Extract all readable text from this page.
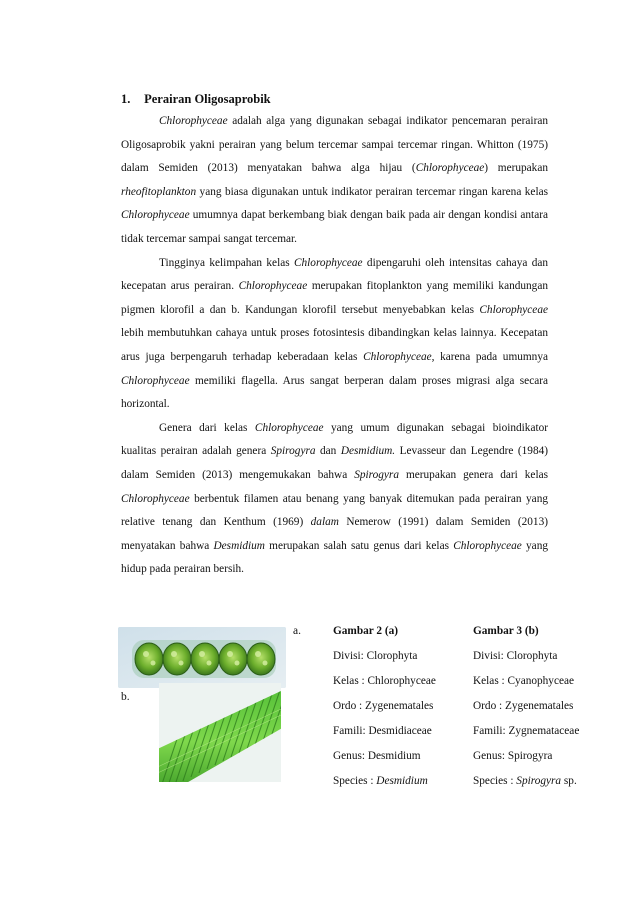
1. Perairan Oligosaprobik

Chlorophyceae adalah alga yang digunakan sebagai indikator pencemaran perairan Oligosaprobik yakni perairan yang belum tercemar sampai tercemar ringan. Whitton (1975) dalam Semiden (2013) menyatakan bahwa alga hijau (Chlorophyceae) merupakan rheofitoplankton yang biasa digunakan untuk indikator perairan tercemar ringan karena kelas Chlorophyceae umumnya dapat berkembang biak dengan baik pada air dengan kondisi antara tidak tercemar sampai sangat tercemar.

Tingginya kelimpahan kelas Chlorophyceae dipengaruhi oleh intensitas cahaya dan kecepatan arus perairan. Chlorophyceae merupakan fitoplankton yang memiliki kandungan pigmen klorofil a dan b. Kandungan klorofil tersebut menyebabkan kelas Chlorophyceae lebih membutuhkan cahaya untuk proses fotosintesis dibandingkan kelas lainnya. Kecepatan arus juga berpengaruh terhadap keberadaan kelas Chlorophyceae, karena pada umumnya Chlorophyceae memiliki flagella. Arus sangat berperan dalam proses migrasi alga secara horizontal.

Genera dari kelas Chlorophyceae yang umum digunakan sebagai bioindikator kualitas perairan adalah genera Spirogyra dan Desmidium. Levasseur dan Legendre (1984) dalam Semiden (2013) mengemukakan bahwa Spirogyra merupakan genera dari kelas Chlorophyceae berbentuk filamen atau benang yang banyak ditemukan pada perairan yang relative tenang dan Kenthum (1969) dalam Nemerow (1991) dalam Semiden (2013) menyatakan bahwa Desmidium merupakan salah satu genus dari kelas Chlorophyceae yang hidup pada perairan bersih.

a.
b.
Gambar 2 (a)
Divisi: Clorophyta
Kelas : Chlorophyceae
Ordo : Zygenematales
Famili: Desmidiaceae
Genus: Desmidium
Species : Desmidium
Gambar 3 (b)
Divisi: Clorophyta
Kelas : Cyanophyceae
Ordo : Zygenematales
Famili: Zygnemataceae
Genus: Spirogyra
Species : Spirogyra sp.
